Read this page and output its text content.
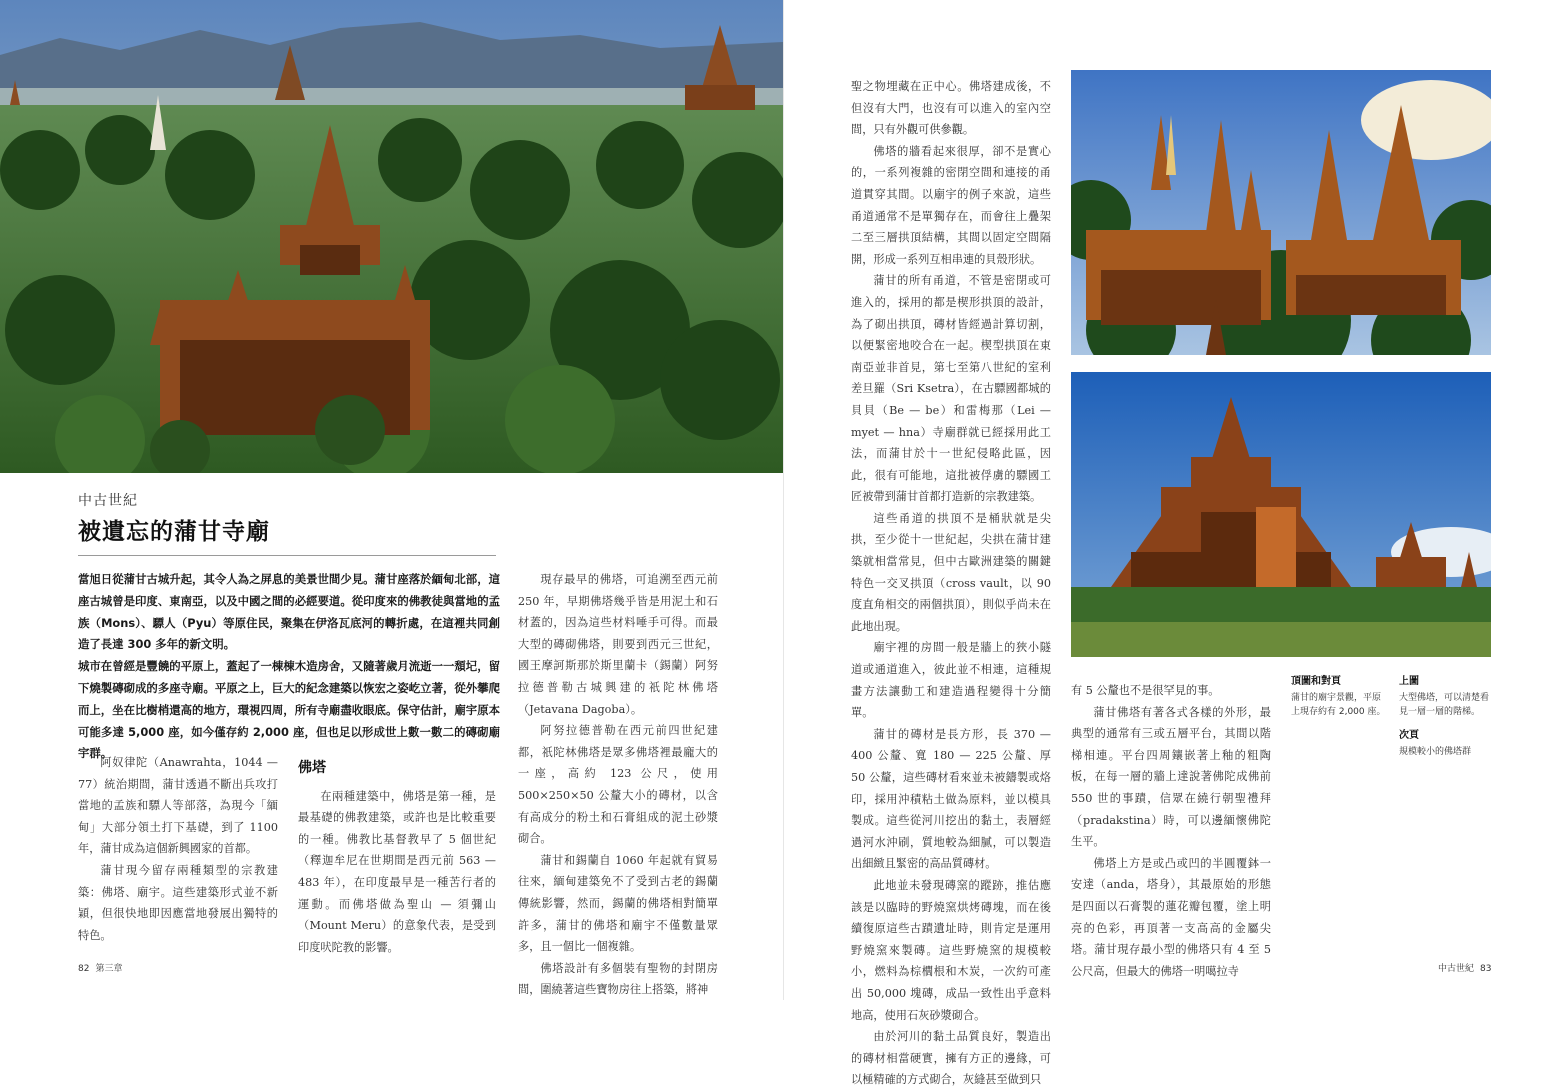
中古世紀
被遺忘的蒲甘寺廟

當旭日從蒲甘古城升起，其令人為之屏息的美景世間少見。蒲甘座落於緬甸北部，這座古城曾是印度、東南亞，以及中國之間的必經要道。從印度來的佛教徒與當地的孟族（Mons）、驃人（Pyu）等原住民，聚集在伊洛瓦底河的轉折處，在這裡共同創造了長達 300 多年的新文明。

城市在曾經是豐饒的平原上，蓋起了一棟棟木造房舍，又隨著歲月流逝一一頹圮，留下燒製磚砌成的多座寺廟。平原之上，巨大的紀念建築以恢宏之姿屹立著，從外攀爬而上，坐在比樹梢還高的地方，環視四周，所有寺廟盡收眼底。保守估計，廟宇原本可能多達 5,000 座，如今僅存約 2,000 座，但也足以形成世上數一數二的磚砌廟宇群。

阿奴律陀（Anawrahta，1044 — 77）統治期間，蒲甘透過不斷出兵攻打當地的孟族和驃人等部落，為現今「緬甸」大部分領土打下基礎，到了 1100 年，蒲甘成為這個新興國家的首都。

蒲甘現今留存兩種類型的宗教建築：佛塔、廟宇。這些建築形式並不新穎，但很快地即因應當地發展出獨特的特色。

佛塔

在兩種建築中，佛塔是第一種，是最基礎的佛教建築，或許也是比較重要的一種。佛教比基督教早了 5 個世紀（釋迦牟尼在世期間是西元前 563 — 483 年），在印度最早是一種苦行者的運動。而佛塔做為聖山 — 須彌山（Mount Meru）的意象代表，是受到印度吠陀教的影響。

現存最早的佛塔，可追溯至西元前 250 年，早期佛塔幾乎皆是用泥土和石材蓋的，因為這些材料唾手可得。而最大型的磚砌佛塔，則要到西元三世紀，國王摩訶斯那於斯里蘭卡（錫蘭）阿努拉德普勒古城興建的祇陀林佛塔（Jetavana Dagoba）。

阿努拉德普勒在西元前四世紀建都，祇陀林佛塔是眾多佛塔裡最龐大的一座，高約 123 公尺，使用 500×250×50 公釐大小的磚材，以含有高成分的粉土和石膏組成的泥土砂漿砌合。

蒲甘和錫蘭自 1060 年起就有貿易往來，緬甸建築免不了受到古老的錫蘭傳統影響，然而，錫蘭的佛塔相對簡單許多，蒲甘的佛塔和廟宇不僅數量眾多，且一個比一個複雜。

佛塔設計有多個裝有聖物的封閉房間，圍繞著這些寶物房往上搭築，將神

82 第三章

聖之物埋藏在正中心。佛塔建成後，不但沒有大門，也沒有可以進入的室內空間，只有外觀可供參觀。

佛塔的牆看起來很厚，卻不是實心的，一系列複雜的密閉空間和連接的甬道貫穿其間。以廟宇的例子來說，這些甬道通常不是單獨存在，而會往上疊架二至三層拱頂結構，其間以固定空間隔開，形成一系列互相串連的貝殼形狀。

蒲甘的所有甬道，不管是密閉或可進入的，採用的都是楔形拱頂的設計，為了砌出拱頂，磚材皆經過計算切割，以便緊密地咬合在一起。楔型拱頂在東南亞並非首見，第七至第八世紀的室利差旦羅（Sri Ksetra），在古驃國都城的貝貝（Be — be）和雷梅那（Lei — myet — hna）寺廟群就已經採用此工法，而蒲甘於十一世紀侵略此區，因此，很有可能地，這批被俘虜的驃國工匠被帶到蒲甘首都打造新的宗教建築。

這些甬道的拱頂不是桶狀就是尖拱，至少從十一世紀起，尖拱在蒲甘建築就相當常見，但中古歐洲建築的關鍵特色一交叉拱頂（cross vault，以 90 度直角相交的兩個拱頂），則似乎尚未在此地出現。

廟宇裡的房間一般是牆上的狹小隧道或通道進入，彼此並不相連，這種規畫方法讓動工和建造過程變得十分簡單。

蒲甘的磚材是長方形，長 370 — 400 公釐、寬 180 — 225 公釐、厚 50 公釐，這些磚材看來並未被鑄製或烙印，採用沖積粘土做為原料，並以模具製成。這些從河川挖出的黏土，表層經過河水沖刷，質地較為細膩，可以製造出細緻且緊密的高品質磚材。

此地並未發現磚窯的蹤跡，推估應該是以臨時的野燒窯烘烤磚塊，而在後續復原這些古蹟遺址時，則肯定是運用野燒窯來製磚。這些野燒窯的規模較小，燃料為棕櫚根和木炭，一次約可產出 50,000 塊磚，成品一致性出乎意料地高，使用石灰砂漿砌合。

由於河川的黏土品質良好，製造出的磚材相當硬實，擁有方正的邊緣，可以極精確的方式砌合，灰縫甚至做到只

有 5 公釐也不是很罕見的事。

蒲甘佛塔有著各式各樣的外形，最典型的通常有三或五層平台，其間以階梯相連。平台四周鑲嵌著上釉的粗陶板，在每一層的牆上達說著佛陀成佛前 550 世的事蹟，信眾在繞行朝聖禮拜（pradakstina）時，可以邊緬懷佛陀生平。

佛塔上方是或凸或凹的半圓覆鉢一安達（anda，塔身），其最原始的形態是四面以石膏製的蓮花瓣包覆，塗上明亮的色彩，再頂著一支高高的金屬尖塔。蒲甘現存最小型的佛塔只有 4 至 5 公尺高，但最大的佛塔一明噶拉寺

頂圖和對頁
蒲甘的廟宇景觀，平原上現存約有 2,000 座。
上圖
大型佛塔，可以清楚看見一層一層的階梯。
次頁
規模較小的佛塔群
中古世紀 83
